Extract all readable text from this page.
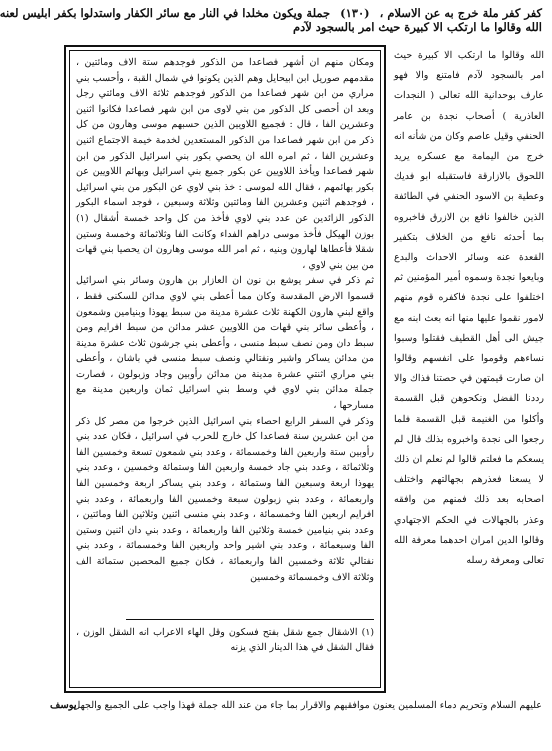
كفر كفر ملة خرج به عن الاسلام ، (١٣٠) جملة ويكون مخلدا في النار مع سائر الكفار واستدلوا بكفر ابليس لعنه
الله وقالوا ما ارتكب الا كبيرة حيث امر بالسجود لآدم

ومكان منهم ان أشهر فصاعدا من الذكور فوجدهم ستة الاف ومائتين ، مقدمهم صوريل ابن ابيحايل وهم الذين يكونوا في شمال القبة ، وأحسب بني مراري من ابن شهر فصاعدا من الذكور فوجدهم ثلاثة الاف ومائتي رجل وبعد ان أحصى كل الذكور من بني لاوى من ابن شهر فصاعدا فكانوا اثنين وعشرين الفا ، قال : فجميع اللاويين الذين حسبهم موسى وهارون من كل ذكر من ابن شهر فصاعدا من الذكور المستعدين لخدمة خيمة الاجتماع اثنين وعشرين الفا ، ثم امره الله ان يحصي بكور بني اسرائيل الذكور من ابن شهر فصاعدا ويأخذ اللاويين عن بكور جميع بني اسرائيل وبهائم اللاويين عن بكور بهائمهم ، فقال الله لموسى : خذ بني لاوي عن البكور من بني اسرائيل ، فوجدهم اثنين وعشرين الفا ومائتين وثلاثة وسبعين ، فوجد اسماء البكور الذكور الزائدين عن عدد بني لاوي فأخذ من كل واحد خمسة أشقال (١) بوزن الهيكل فأخذ موسى دراهم الفداء وكانت الفا وثلاثمائة وخمسة وستين شقلا فأعطاها لهارون وبنيه ، ثم امر الله موسى وهارون ان يحصيا بني قهات من بين بني لاوي ،

ثم ذكر في سفر يوشع بن نون ان العازار بن هارون وسائر بني اسرائيل قسموا الارض المقدسة وكان مما أعطى بني لاوي مدائن للسكنى فقط ، واقع لبني هارون الكهنة ثلاث عشرة مدينة من سبط يهوذا وبنيامين وشمعون ، وأعطى سائر بني قهات من اللاويين عشر مدائن من سبط افرايم ومن سبط دان ومن نصف سبط منسى ، وأعطى بني جرشون ثلاث عشرة مدينة من مدائن يساكر واشير ونفتالي ونصف سبط منسى في باشان ، وأعطى بني مراري اثنتي عشرة مدينة من مدائن رأوبين وجاد وزبولون ، فصارت جملة مدائن بني لاوي في وسط بني اسرائيل ثمان واربعين مدينة مع مسارحها ،

وذكر في السفر الرابع احصاء بني اسرائيل الذين خرجوا من مصر كل ذكر من ابن عشرين سنة فصاعدا كل خارج للحرب في اسرائيل ، فكان عدد بني رأوبين ستة واربعين الفا وخمسمائة ، وعدد بني شمعون تسعة وخمسين الفا وثلاثمائة ، وعدد بني جاد خمسة واربعين الفا وستمائة وخمسين ، وعدد بني يهوذا اربعة وسبعين الفا وستمائة ، وعدد بني يساكر اربعة وخمسين الفا واربعمائة ، وعدد بني زبولون سبعة وخمسين الفا واربعمائة ، وعدد بني افرايم اربعين الفا وخمسمائة ، وعدد بني منسى اثنين وثلاثين الفا ومائتين ، وعدد بني بنيامين خمسة وثلاثين الفا واربعمائة ، وعدد بني دان اثنين وستين الفا وسبعمائة ، وعدد بني اشير واحد واربعين الفا وخمسمائة ، وعدد بني نفتالي ثلاثة وخمسين الفا واربعمائة ، فكان جميع المحصين ستمائة الف وثلاثة الاف وخمسمائة وخمسين

(١) الاشقال جمع شقل بفتح فسكون وقل الهاء الاعراب انه الشقل الوزن ، فقال الشقل في هذا الدينار الذي يزنه
الله وقالوا ما ارتكب الا كبيرة حيث امر بالسجود لآدم فامتنع والا فهو عارف بوحدانية الله تعالى ( النجدات العاذرية ) أصحاب نجدة بن عامر الحنفي وقيل عاصم وكان من شأنه انه خرج من اليمامة مع عسكره يريد اللحوق بالازارقة فاستقبله ابو فديك وعطية بن الاسود الحنفي في الطائفة الذين خالفوا نافع بن الازرق فاخبروه بما أحدثه نافع من الخلاف بتكفير القعدة عنه وسائر الاحداث والبدع وبايعوا نجدة وسموه أمير المؤمنين ثم اختلفوا على نجدة فاكفره قوم منهم لامور نقموا عليها منها انه بعث ابنه مع جيش الى أهل القطيف فقتلوا وسبوا نساءهم وقوموا على انفسهم وقالوا ان صارت قيمتهن في حصتنا فذاك والا رددنا الفضل ونكحوهن قبل القسمة وأكلوا من الغنيمة قبل القسمة فلما رجعوا الى نجدة واخبروه بذلك قال لم يسعكم ما فعلتم قالوا لم نعلم ان ذلك لا يسعنا فعذرهم بجهالتهم واختلف اصحابه بعد ذلك فمنهم من وافقه وعذر بالجهالات في الحكم الاجتهادي وقالوا الدين امران احدهما معرفة الله تعالى ومعرفة رسله
عليهم السلام وتحريم دماء المسلمين يعنون موافقيهم والاقرار بما جاء من عند الله جملة فهذا واجب على الجميع والجهل
يوسف
